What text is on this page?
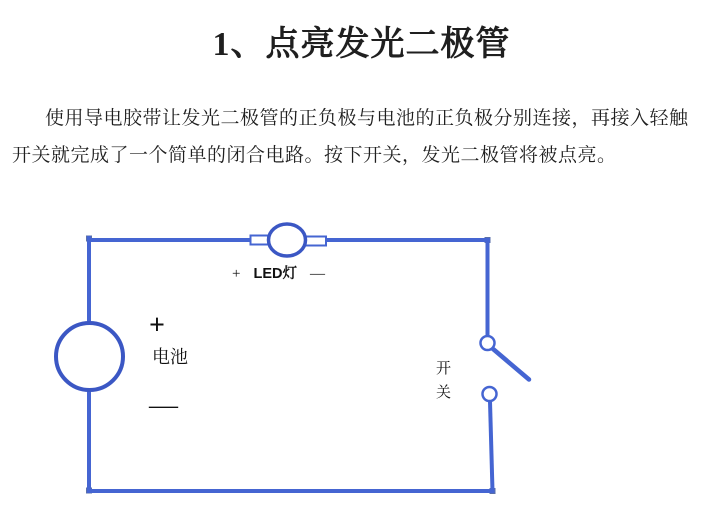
1、点亮发光二极管
使用导电胶带让发光二极管的正负极与电池的正负极分别连接，再接入轻触
开关就完成了一个简单的闭合电路。按下开关，发光二极管将被点亮。
+ LED灯 —
+
电池
—
开关
